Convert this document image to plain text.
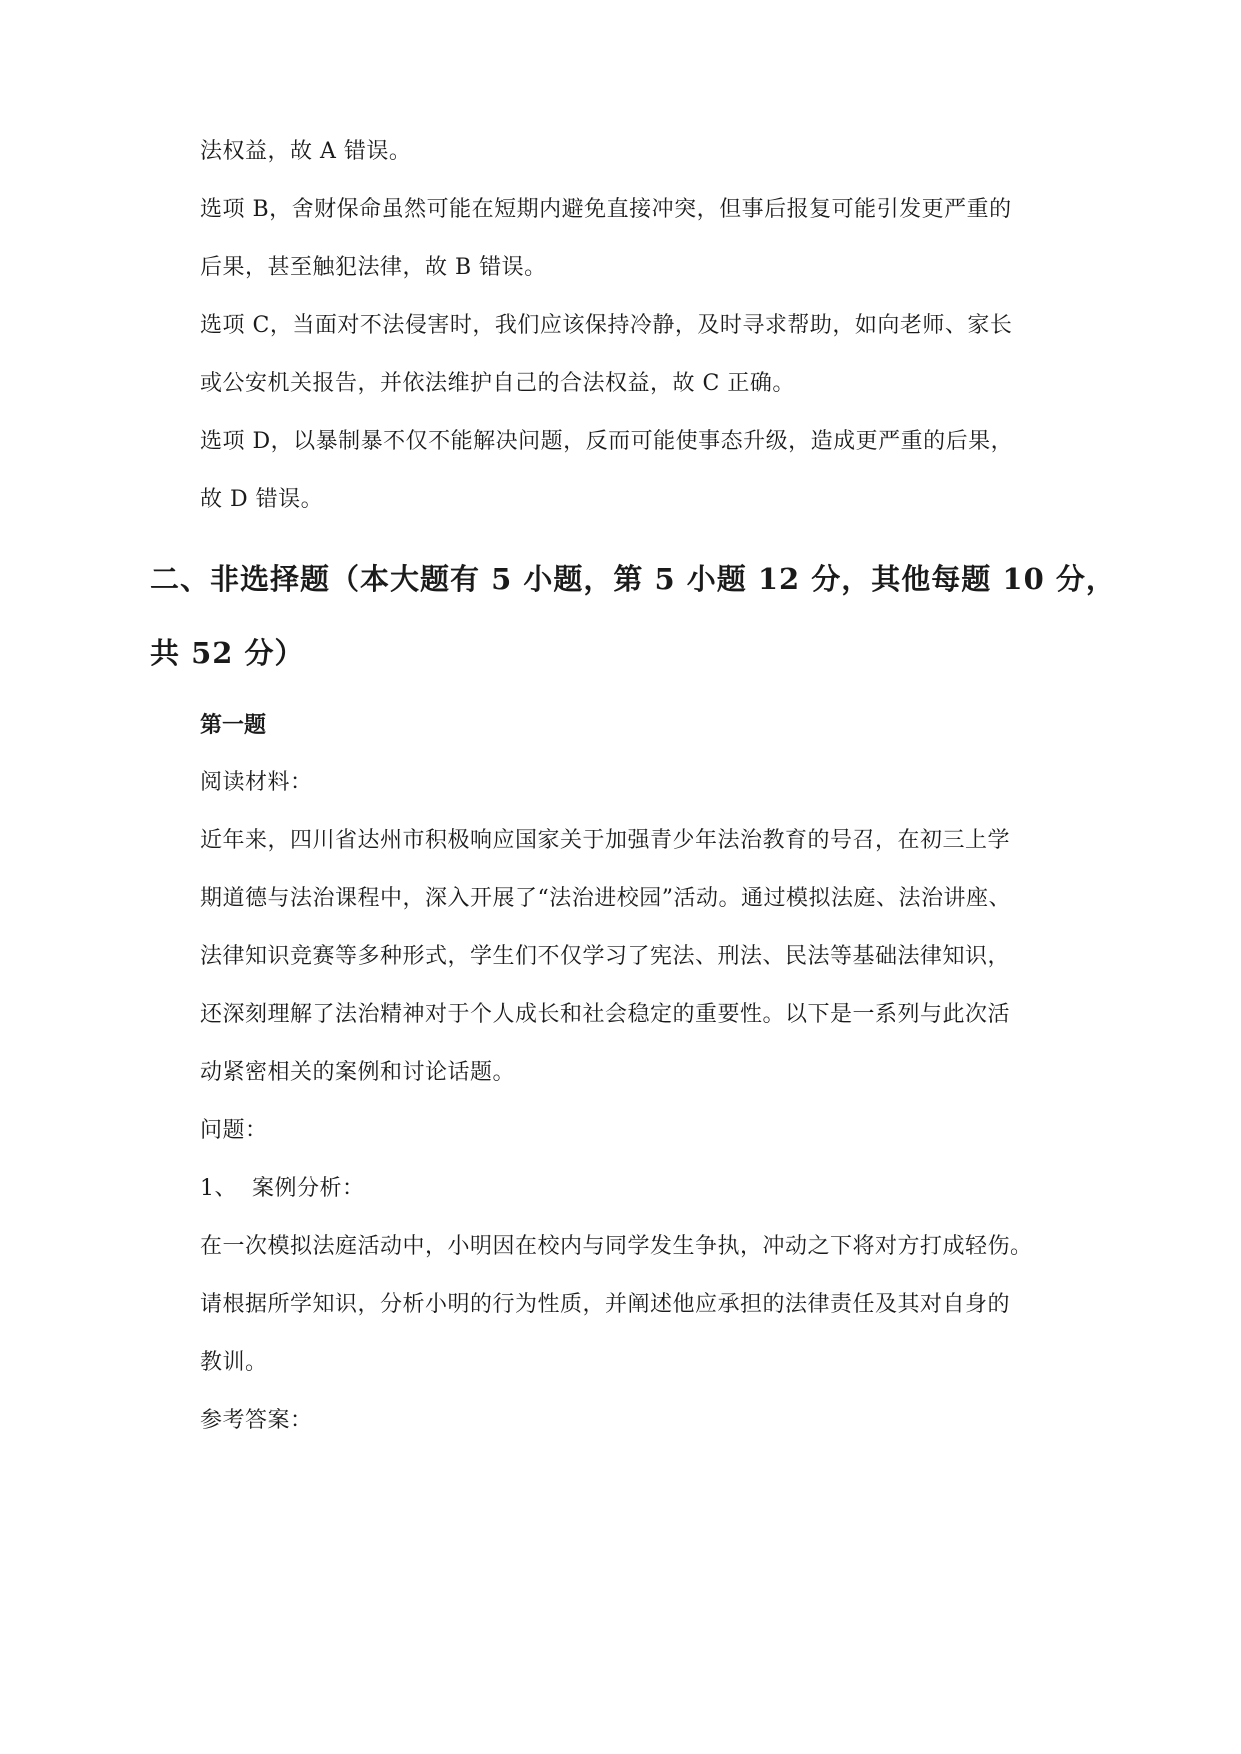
法权益，故 A 错误。
选项 B，舍财保命虽然可能在短期内避免直接冲突，但事后报复可能引发更严重的
后果，甚至触犯法律，故 B 错误。
选项 C，当面对不法侵害时，我们应该保持冷静，及时寻求帮助，如向老师、家长
或公安机关报告，并依法维护自己的合法权益，故 C 正确。
选项 D，以暴制暴不仅不能解决问题，反而可能使事态升级，造成更严重的后果，
故 D 错误。
二、非选择题（本大题有 5 小题，第 5 小题 12 分，其他每题 10 分，
共 52 分）
第一题
阅读材料：
近年来，四川省达州市积极响应国家关于加强青少年法治教育的号召，在初三上学
期道德与法治课程中，深入开展了“法治进校园”活动。通过模拟法庭、法治讲座、
法律知识竞赛等多种形式，学生们不仅学习了宪法、刑法、民法等基础法律知识，
还深刻理解了法治精神对于个人成长和社会稳定的重要性。以下是一系列与此次活
动紧密相关的案例和讨论话题。
问题：
1、  案例分析：
在一次模拟法庭活动中，小明因在校内与同学发生争执，冲动之下将对方打成轻伤。
请根据所学知识，分析小明的行为性质，并阐述他应承担的法律责任及其对自身的
教训。
参考答案：
